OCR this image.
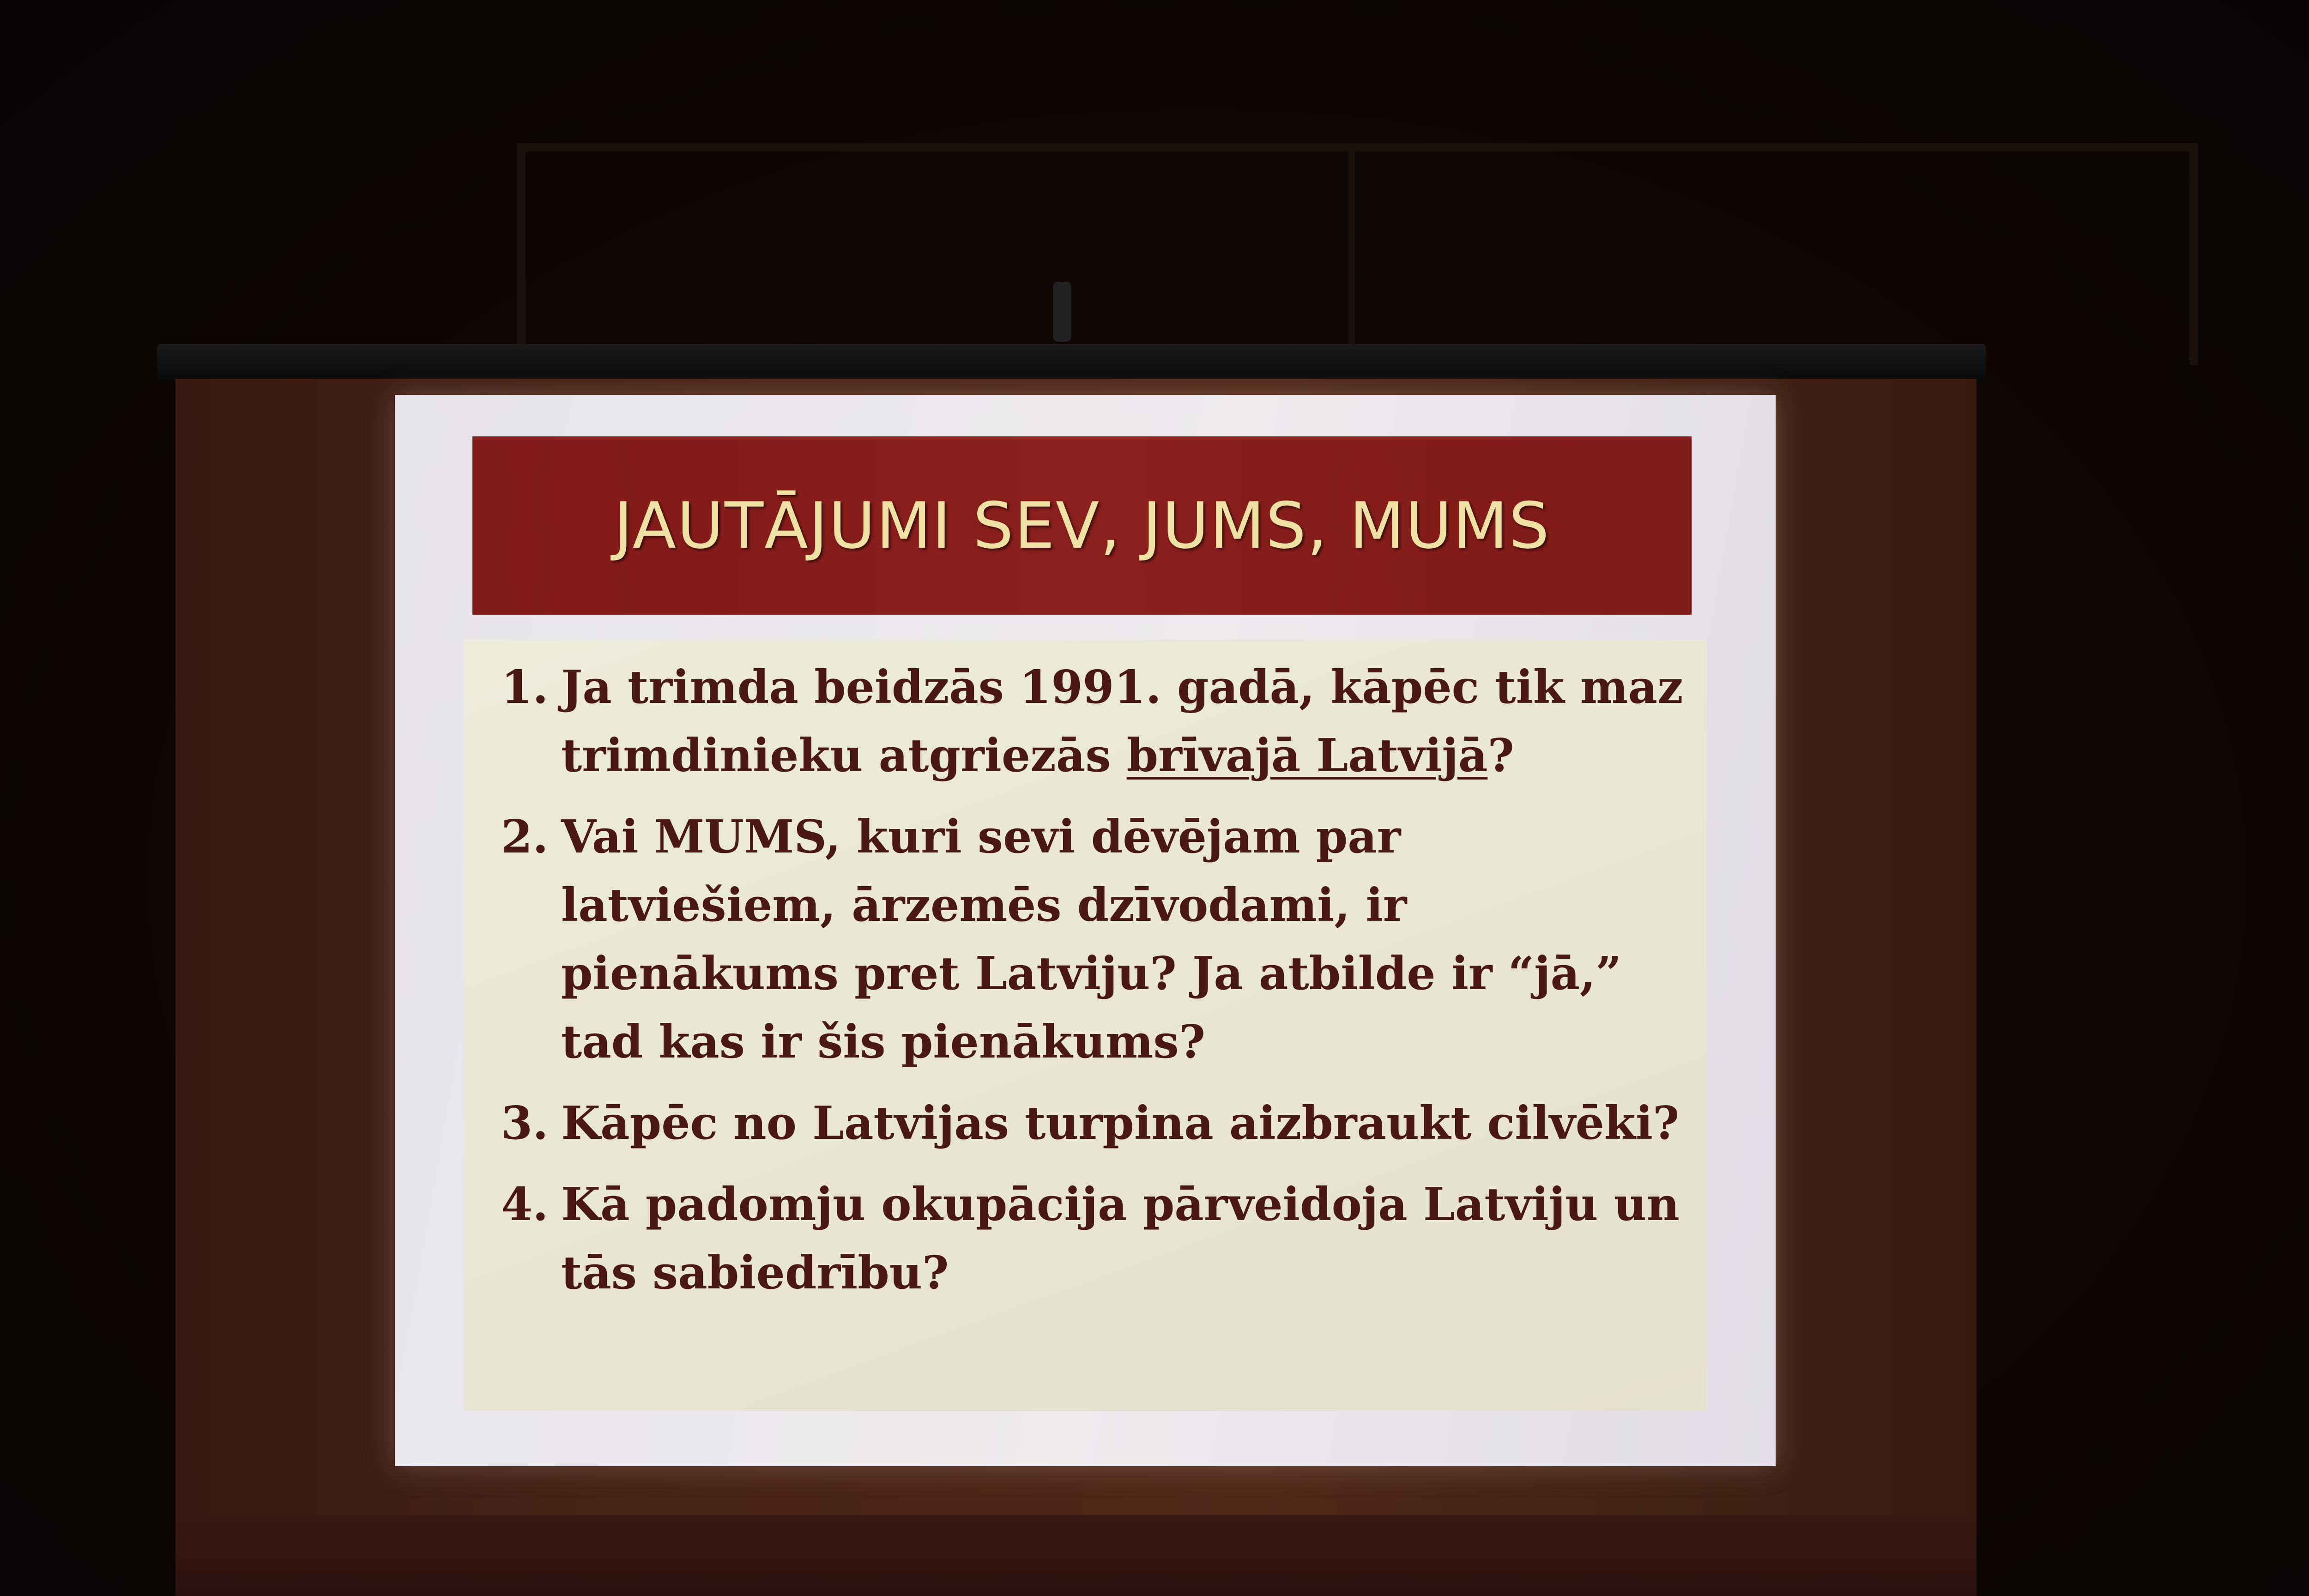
JAUTĀJUMI SEV, JUMS, MUMS
1. Ja trimda beidzās 1991. gadā, kāpēc tik maz
trimdinieku atgriezās brīvajā Latvijā?
2. Vai MUMS, kuri sevi dēvējam par latviešiem, ārzemēs dzīvodami, ir pienākums pret Latviju? Ja atbilde ir “jā,” tad kas ir šis pienākums?
3. Kāpēc no Latvijas turpina aizbraukt cilvēki?
4. Kā padomju okupācija pārveidoja Latviju un tās sabiedrību?
